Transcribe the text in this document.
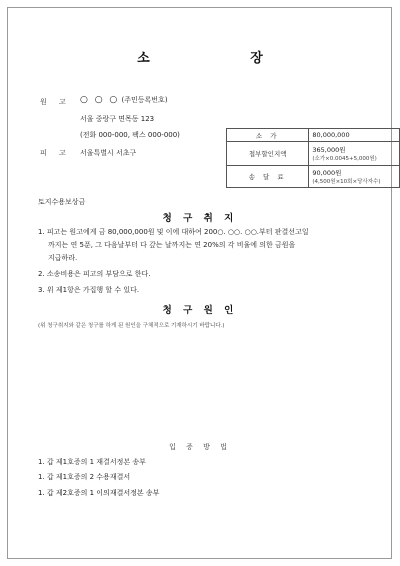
소 장
원 고 ○ ○ ○ (주민등록번호)
서울 중랑구 면목동 123
(전화 000-000, 팩스 000-000)
피 고 서울특별시 서초구
소 가	80,000,000
첩부할인지액	365,000원
(소가×0.0045+5,000원)

송 달 료	90,000원
(4,500원×10회×당사자수)
토지수용보상금
청 구 취 지
1. 피고는 원고에게 금 80,000,000원 및 이에 대하여 200○. ○○. ○○.부터 판결선고일
까지는 연 5푼, 그 다음날부터 다 갚는 날까지는 연 20%의 각 비율에 의한 금원을
지급하라.
2. 소송비용은 피고의 부담으로 한다.
3. 위 제1항은 가집행 할 수 있다.
청 구 원 인
(위 청구취지와 같은 청구를 하게 된 원인을 구체적으로 기재하시기 바랍니다.)
입 증 방 법
1. 갑 제1호증의 1 재결서정본 송부
1. 갑 제1호증의 2 수용재결서
1. 갑 제2호증의 1 이의재결서정본 송부
